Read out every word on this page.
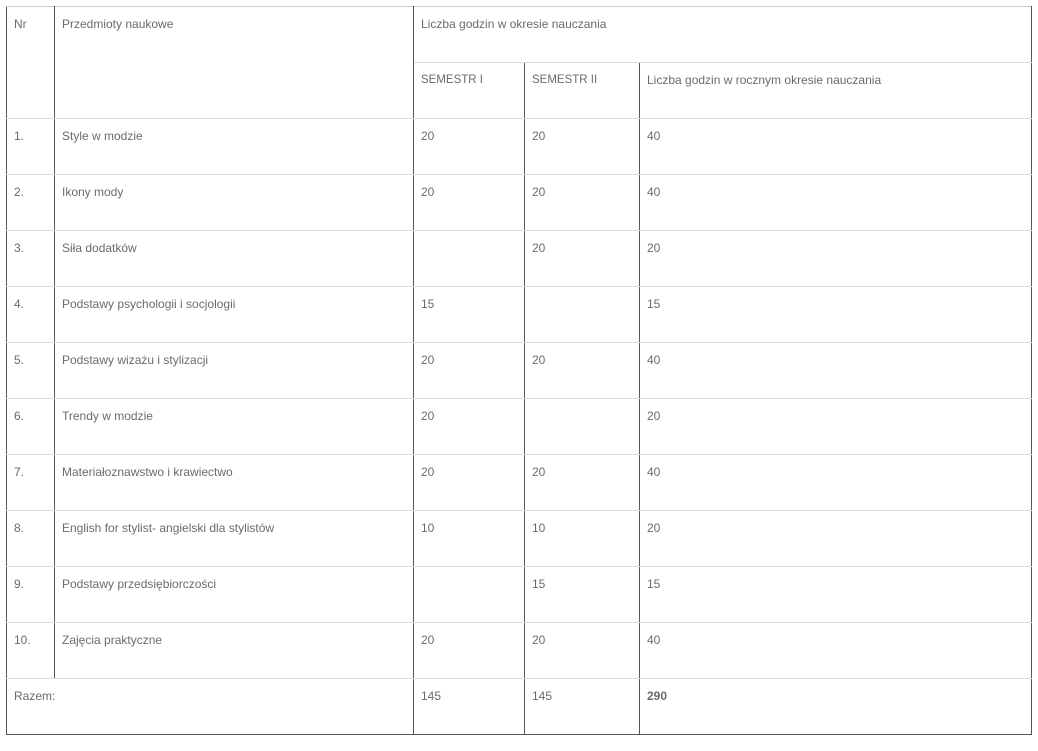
Nr	Przedmioty naukowe	Liczba godzin w okresie nauczania		
		SEMESTR I	SEMESTR II	Liczba godzin w rocznym okresie nauczania
1.	Style w modzie	20	20	40
2.	Ikony mody	20	20	40
3.	Siła dodatków		20	20
4.	Podstawy psychologii i socjologii	15		15
5.	Podstawy wizażu i stylizacji	20	20	40
6.	Trendy w modzie	20		20
7.	Materiałoznawstwo i krawiectwo	20	20	40
8.	English for stylist- angielski dla stylistów	10	10	20
9.	Podstawy przedsiębiorczości		15	15
10.	Zajęcia praktyczne	20	20	40
Razem:		145	145	290
